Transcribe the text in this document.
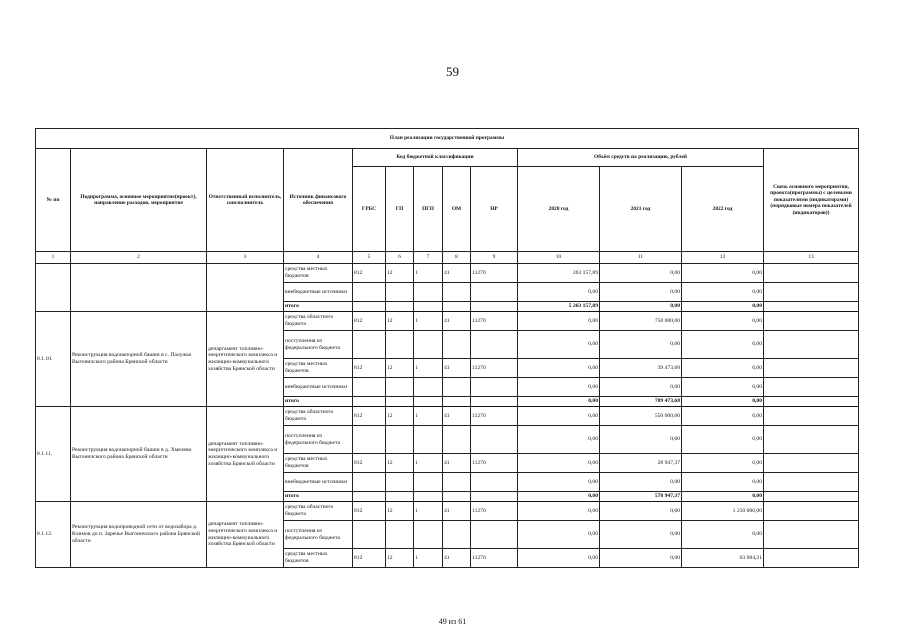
59
План реализации государственной программы												
№ пп	Подпрограмма, основное мероприятие(проект), направление расходов, мероприятие	Ответственный исполнитель, соисполнитель	Источник финансового обеспечения	Код бюджетной классификации					Объём средств на реализацию, рублей			Связь основного мероприятия, проекта(программы) с целевыми показателями (индикаторами) (порядковые номера показателей (индикаторов))
				ГРБС	ГП	ПГП	ОМ	НР	2020 год	2021 год	2022 год	
1	2	3	4	5	6	7	8	9	10	11	12	13
			средства местных бюджетов	812	12	1	41	11270	263 157,89	0,00	0,00	
			внебюджетные источники						0,00	0,00	0,00	
			итого						5 263 157,89	0,00	0,00	
8.1.10.	Реконструкция водонапорной башни в с. Палужье Выгоничского района Брянской области	департамент топливно-энергетического комплекса и жилищно-коммунального хозяйства Брянской области	средства областного бюджета	812	12	1	41	11270	0,00	750 000,00	0,00	
			поступления из федерального бюджета						0,00	0,00	0,00	
			средства местных бюджетов	812	12	1	41	11270	0,00	39 473,68	0,00	
			внебюджетные источники						0,00	0,00	0,00	
			итого						0,00	789 473,68	0,00	
8.1.11.	Реконструкция водонапорной башни в д. Хмелево Выгоничского района Брянской области	департамент топливно-энергетического комплекса и жилищно-коммунального хозяйства Брянской области	средства областного бюджета	812	12	1	41	11270	0,00	550 000,00	0,00	
			поступления из федерального бюджета						0,00	0,00	0,00	
			средства местных бюджетов	812	12	1	41	11270	0,00	28 947,37	0,00	
			внебюджетные источники						0,00	0,00	0,00	
			итого						0,00	578 947,37	0,00	
8.1.12.	Реконструкция водопроводной сети от водозабора д. Климов до п. Заречье Выгоничского района Брянской области	департамент топливно-энергетического комплекса и жилищно-коммунального хозяйства Брянской области	средства областного бюджета	812	12	1	41	11270	0,00	0,00	1 210 000,00	
			поступления из федерального бюджета						0,00	0,00	0,00	
			средства местных бюджетов	812	12	1	41	11270	0,00	0,00	63 684,21	
49 из 61
